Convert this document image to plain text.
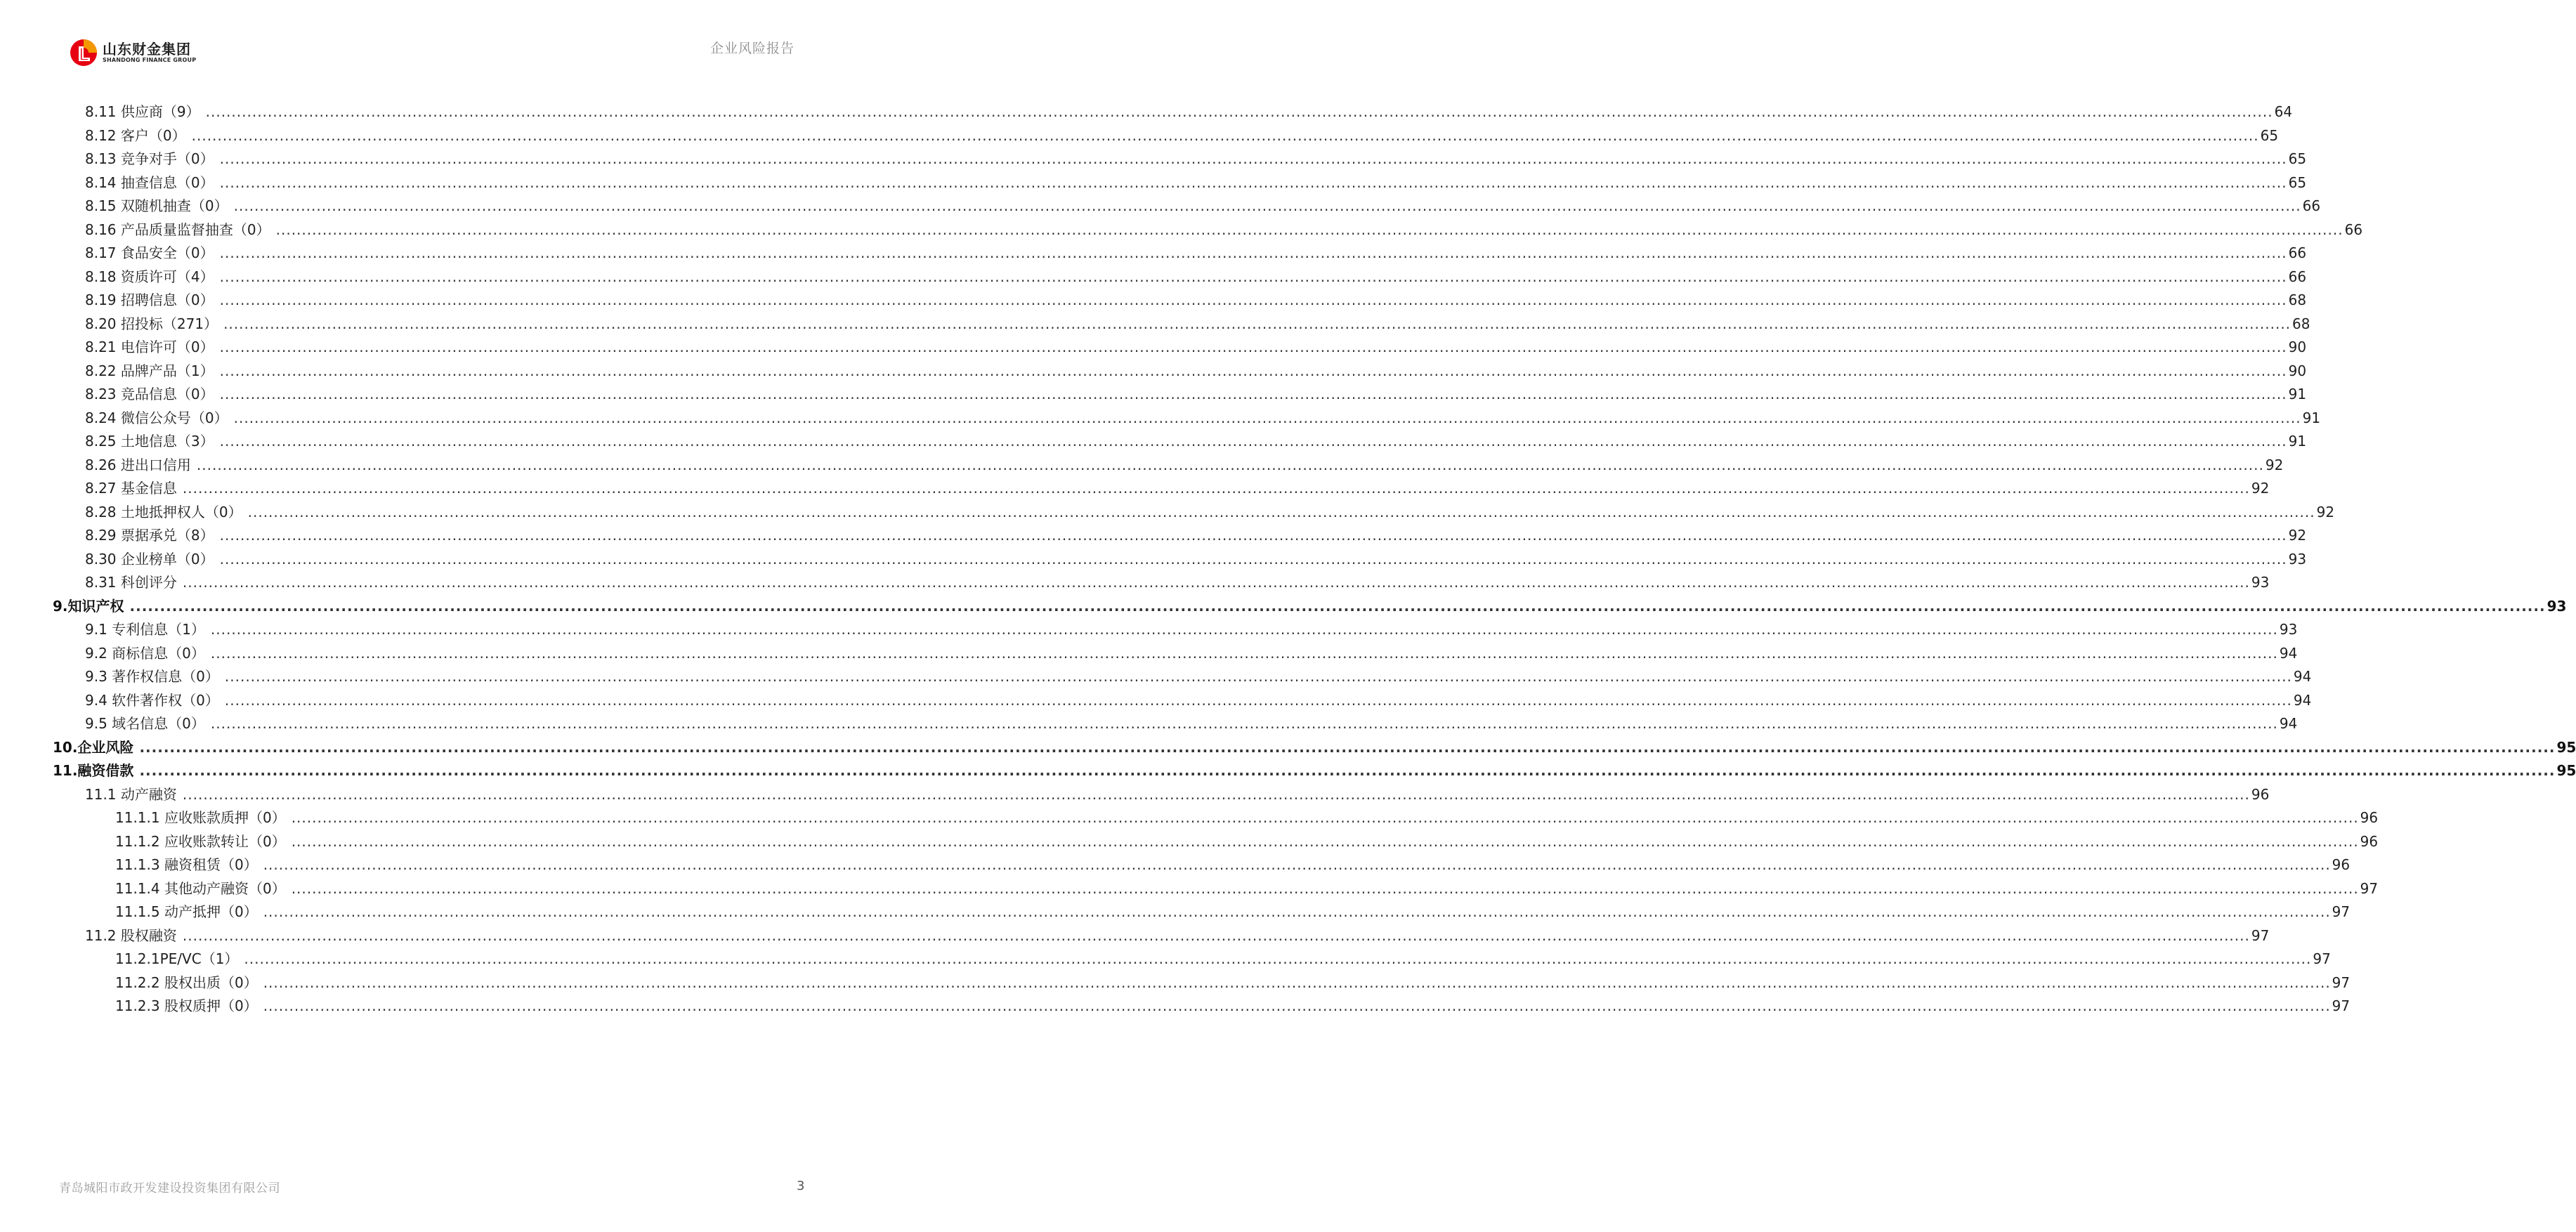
山东财金集团
SHANDONG FINANCE GROUP
企业风险报告
8.11 供应商（9） ................................................................................................................................................................................................................................................................................................................................................................................................................ 64
8.12 客户（0） ................................................................................................................................................................................................................................................................................................................................................................................................................ 65
8.13 竞争对手（0） ................................................................................................................................................................................................................................................................................................................................................................................................................ 65
8.14 抽查信息（0） ................................................................................................................................................................................................................................................................................................................................................................................................................ 65
8.15 双随机抽查（0） ................................................................................................................................................................................................................................................................................................................................................................................................................ 66
8.16 产品质量监督抽查（0） ................................................................................................................................................................................................................................................................................................................................................................................................................ 66
8.17 食品安全（0） ................................................................................................................................................................................................................................................................................................................................................................................................................ 66
8.18 资质许可（4） ................................................................................................................................................................................................................................................................................................................................................................................................................ 66
8.19 招聘信息（0） ................................................................................................................................................................................................................................................................................................................................................................................................................ 68
8.20 招投标（271） ................................................................................................................................................................................................................................................................................................................................................................................................................ 68
8.21 电信许可（0） ................................................................................................................................................................................................................................................................................................................................................................................................................ 90
8.22 品牌产品（1） ................................................................................................................................................................................................................................................................................................................................................................................................................ 90
8.23 竞品信息（0） ................................................................................................................................................................................................................................................................................................................................................................................................................ 91
8.24 微信公众号（0） ................................................................................................................................................................................................................................................................................................................................................................................................................ 91
8.25 土地信息（3） ................................................................................................................................................................................................................................................................................................................................................................................................................ 91
8.26 进出口信用 ................................................................................................................................................................................................................................................................................................................................................................................................................ 92
8.27 基金信息 ................................................................................................................................................................................................................................................................................................................................................................................................................ 92
8.28 土地抵押权人（0） ................................................................................................................................................................................................................................................................................................................................................................................................................ 92
8.29 票据承兑（8） ................................................................................................................................................................................................................................................................................................................................................................................................................ 92
8.30 企业榜单（0） ................................................................................................................................................................................................................................................................................................................................................................................................................ 93
8.31 科创评分 ................................................................................................................................................................................................................................................................................................................................................................................................................ 93
9.知识产权 ................................................................................................................................................................................................................................................................................................................................................................................................................ 93
9.1 专利信息（1） ................................................................................................................................................................................................................................................................................................................................................................................................................ 93
9.2 商标信息（0） ................................................................................................................................................................................................................................................................................................................................................................................................................ 94
9.3 著作权信息（0） ................................................................................................................................................................................................................................................................................................................................................................................................................ 94
9.4 软件著作权（0） ................................................................................................................................................................................................................................................................................................................................................................................................................ 94
9.5 域名信息（0） ................................................................................................................................................................................................................................................................................................................................................................................................................ 94
10.企业风险 ................................................................................................................................................................................................................................................................................................................................................................................................................ 95
11.融资借款 ................................................................................................................................................................................................................................................................................................................................................................................................................ 95
11.1 动产融资 ................................................................................................................................................................................................................................................................................................................................................................................................................ 96
11.1.1 应收账款质押（0） ................................................................................................................................................................................................................................................................................................................................................................................................................ 96
11.1.2 应收账款转让（0） ................................................................................................................................................................................................................................................................................................................................................................................................................ 96
11.1.3 融资租赁（0） ................................................................................................................................................................................................................................................................................................................................................................................................................ 96
11.1.4 其他动产融资（0） ................................................................................................................................................................................................................................................................................................................................................................................................................ 97
11.1.5 动产抵押（0） ................................................................................................................................................................................................................................................................................................................................................................................................................ 97
11.2 股权融资 ................................................................................................................................................................................................................................................................................................................................................................................................................ 97
11.2.1PE/VC（1） ................................................................................................................................................................................................................................................................................................................................................................................................................ 97
11.2.2 股权出质（0） ................................................................................................................................................................................................................................................................................................................................................................................................................ 97
11.2.3 股权质押（0） ................................................................................................................................................................................................................................................................................................................................................................................................................ 97
青岛城阳市政开发建设投资集团有限公司	3
